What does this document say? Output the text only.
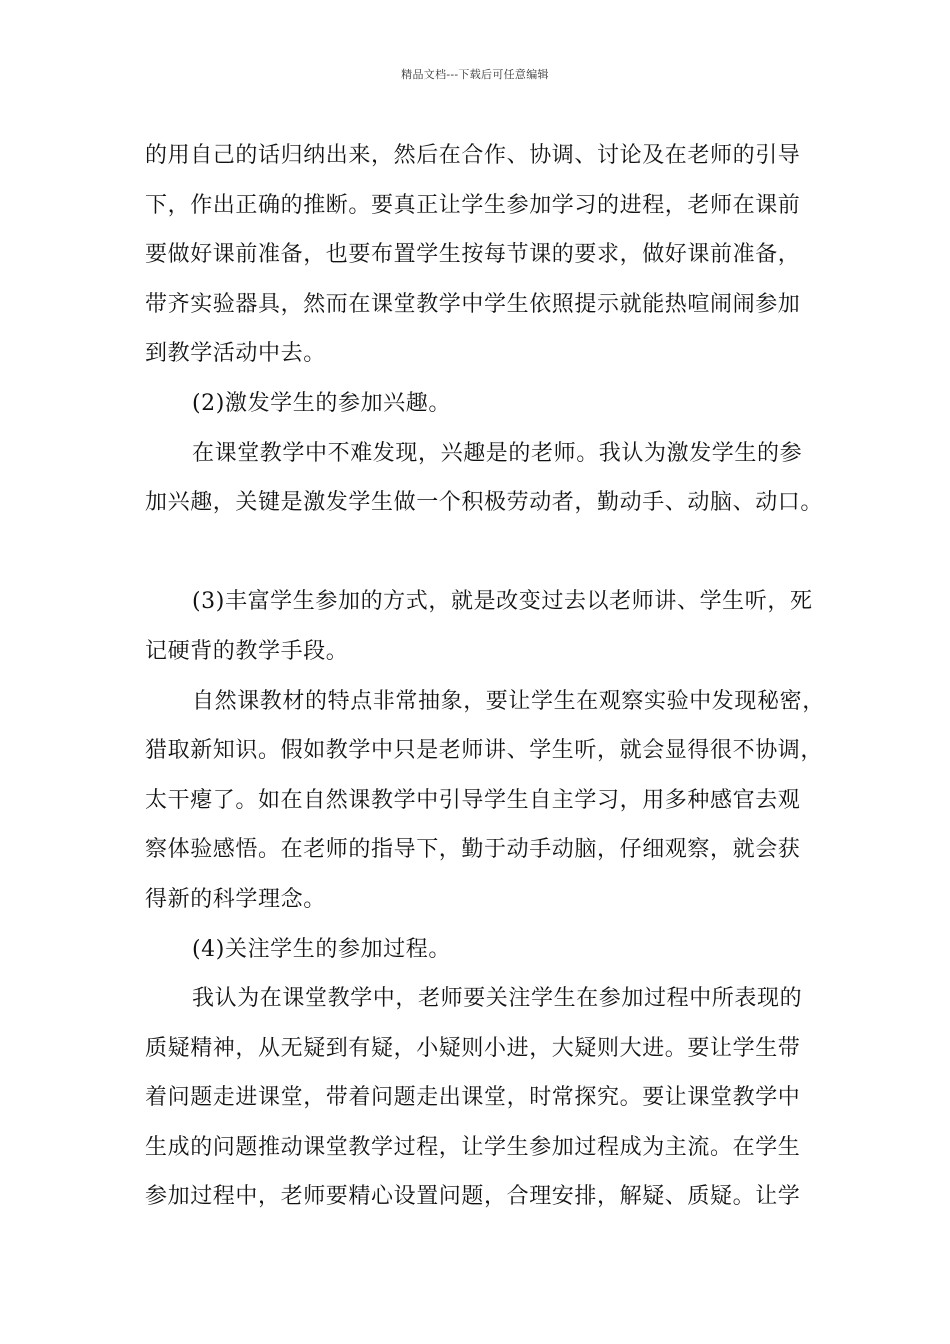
精品文档---下载后可任意编辑
的用自己的话归纳出来，然后在合作、协调、讨论及在老师的引导
下，作出正确的推断。要真正让学生参加学习的进程，老师在课前
要做好课前准备，也要布置学生按每节课的要求，做好课前准备，
带齐实验器具，然而在课堂教学中学生依照提示就能热喧闹闹参加
到教学活动中去。
(2)激发学生的参加兴趣。
在课堂教学中不难发现，兴趣是的老师。我认为激发学生的参
加兴趣，关键是激发学生做一个积极劳动者，勤动手、动脑、动口。
(3)丰富学生参加的方式，就是改变过去以老师讲、学生听，死
记硬背的教学手段。
自然课教材的特点非常抽象，要让学生在观察实验中发现秘密，
猎取新知识。假如教学中只是老师讲、学生听，就会显得很不协调，
太干瘪了。如在自然课教学中引导学生自主学习，用多种感官去观
察体验感悟。在老师的指导下，勤于动手动脑，仔细观察，就会获
得新的科学理念。
(4)关注学生的参加过程。
我认为在课堂教学中，老师要关注学生在参加过程中所表现的
质疑精神，从无疑到有疑，小疑则小进，大疑则大进。要让学生带
着问题走进课堂，带着问题走出课堂，时常探究。要让课堂教学中
生成的问题推动课堂教学过程，让学生参加过程成为主流。在学生
参加过程中，老师要精心设置问题，合理安排，解疑、质疑。让学
